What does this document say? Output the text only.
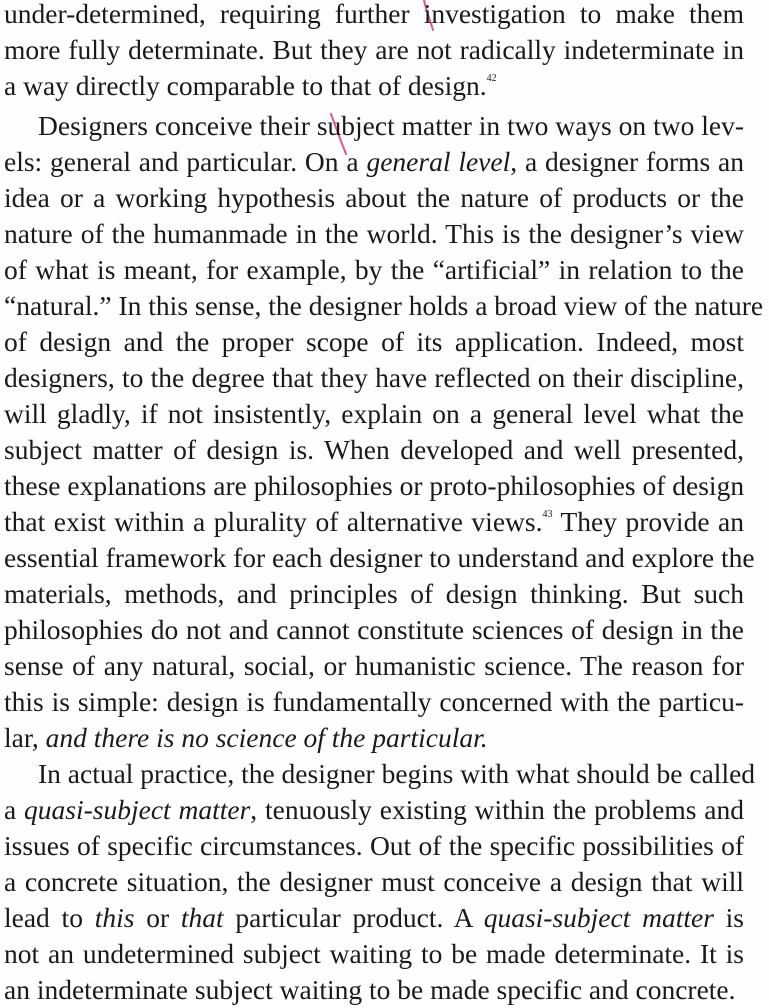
under-determined, requiring further investigation to make them
more fully determinate. But they are not radically indeterminate in
a way directly comparable to that of design.$^{42}$
Designers conceive their subject matter in two ways on two lev-
els: general and particular. On a general level, a designer forms an
idea or a working hypothesis about the nature of products or the
nature of the humanmade in the world. This is the designer’s view
of what is meant, for example, by the “artificial” in relation to the
“natural.” In this sense, the designer holds a broad view of the nature
of design and the proper scope of its application. Indeed, most
designers, to the degree that they have reflected on their discipline,
will gladly, if not insistently, explain on a general level what the
subject matter of design is. When developed and well presented,
these explanations are philosophies or proto-philosophies of design
that exist within a plurality of alternative views.$^{43}$ They provide an
essential framework for each designer to understand and explore the
materials, methods, and principles of design thinking. But such
philosophies do not and cannot constitute sciences of design in the
sense of any natural, social, or humanistic science. The reason for
this is simple: design is fundamentally concerned with the particu-
lar, and there is no science of the particular.
In actual practice, the designer begins with what should be called
a quasi-subject matter, tenuously existing within the problems and
issues of specific circumstances. Out of the specific possibilities of
a concrete situation, the designer must conceive a design that will
lead to this or that particular product. A quasi-subject matter is
not an undetermined subject waiting to be made determinate. It is
an indeterminate subject waiting to be made specific and concrete.
